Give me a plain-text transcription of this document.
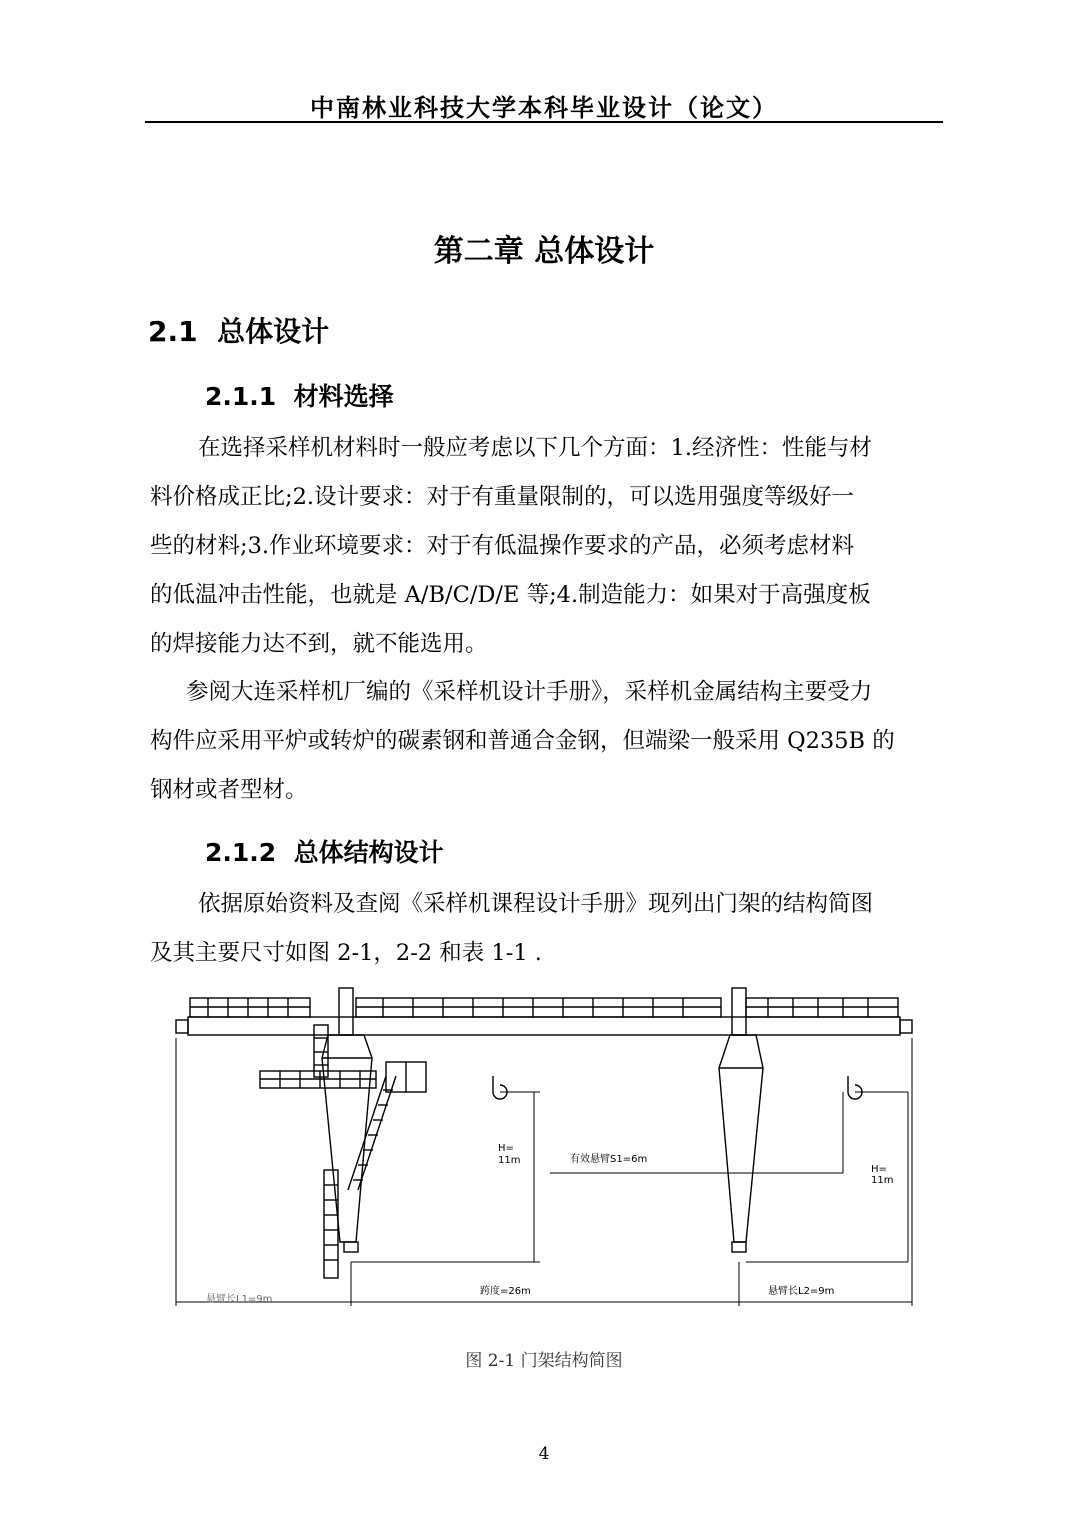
中南林业科技大学本科毕业设计（论文）
第二章 总体设计
2.1 总体设计
2.1.1 材料选择
在选择采样机材料时一般应考虑以下几个方面：1.经济性：性能与材
料价格成正比;2.设计要求：对于有重量限制的，可以选用强度等级好一
些的材料;3.作业环境要求：对于有低温操作要求的产品，必须考虑材料
的低温冲击性能，也就是 A/B/C/D/E 等;4.制造能力：如果对于高强度板
的焊接能力达不到，就不能选用。
参阅大连采样机厂编的《采样机设计手册》，采样机金属结构主要受力
构件应采用平炉或转炉的碳素钢和普通合金钢，但端梁一般采用 Q235B 的
钢材或者型材。
2.1.2 总体结构设计
依据原始资料及查阅《采样机课程设计手册》现列出门架的结构简图
及其主要尺寸如图 2-1，2-2 和表 1-1 .
H=
11m	有效悬臂S1=6m
H=
11m
悬臂长L1=9m
跨度=26m	悬臂长L2=9m
图 2-1 门架结构简图
4
